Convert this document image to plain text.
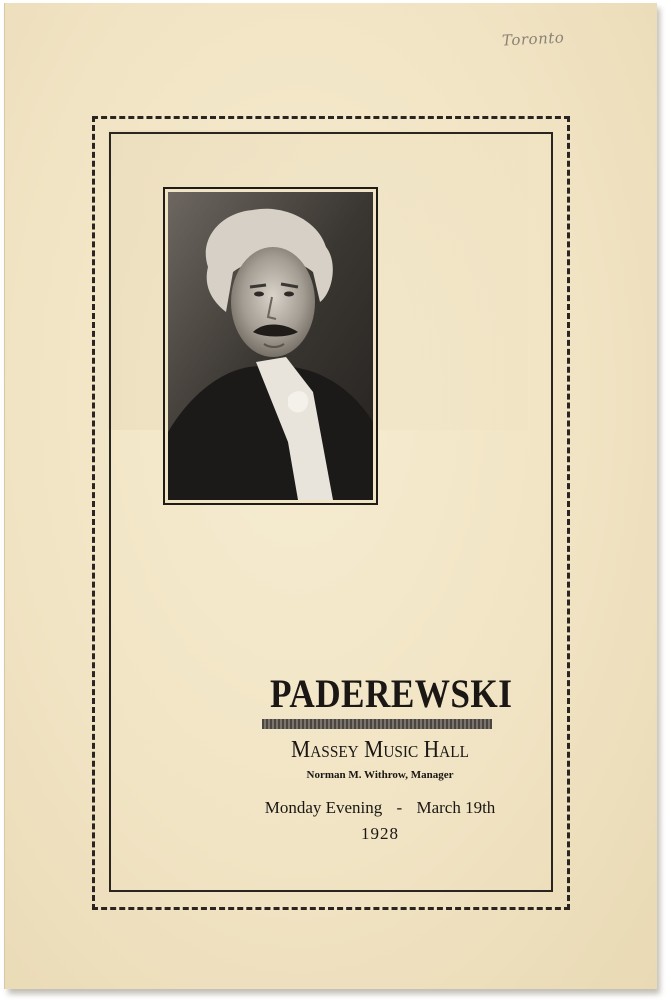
Toronto
PADEREWSKI
Massey Music Hall
Norman M. Withrow, Manager
Monday Evening - March 19th
1928
